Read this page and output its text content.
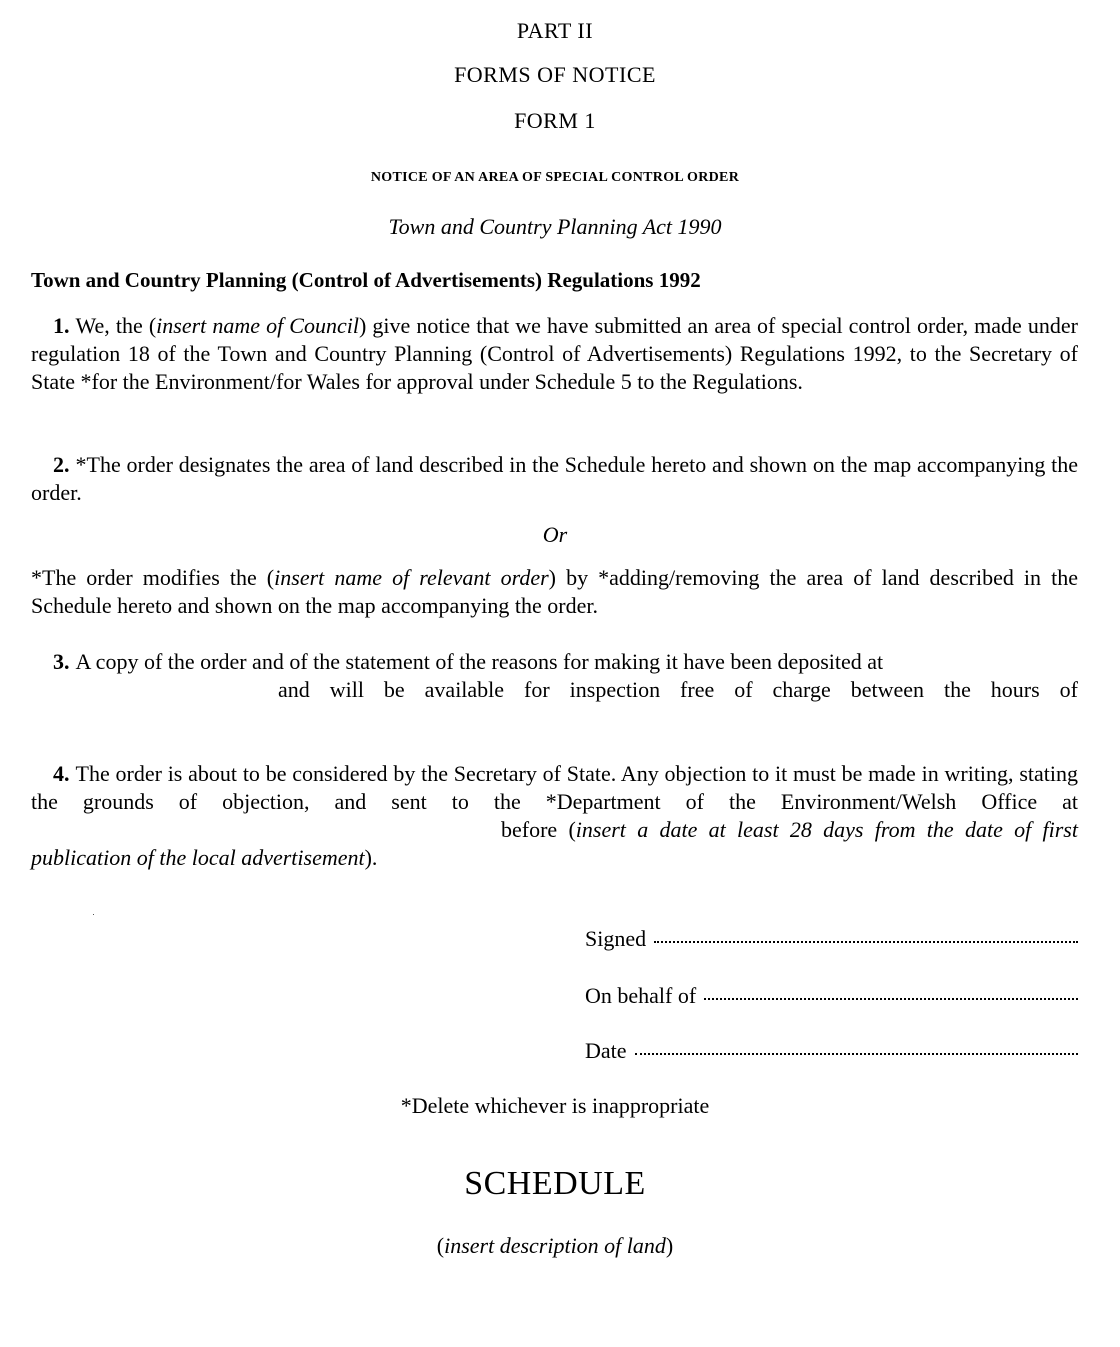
PART II
FORMS OF NOTICE
FORM 1
NOTICE OF AN AREA OF SPECIAL CONTROL ORDER
Town and Country Planning Act 1990
Town and Country Planning (Control of Advertisements) Regulations 1992
1. We, the (insert name of Council) give notice that we have submitted an area of special control order, made under regulation 18 of the Town and Country Planning (Control of Advertisements) Regulations 1992, to the Secretary of State *for the Environment/for Wales for approval under Schedule 5 to the Regulations.
2. *The order designates the area of land described in the Schedule hereto and shown on the map accompanying the order.
Or
*The order modifies the (insert name of relevant order) by *adding/removing the area of land described in the Schedule hereto and shown on the map accompanying the order.
3. A copy of the order and of the statement of the reasons for making it have been deposited at
and will be available for inspection free of charge between the hours of
4. The order is about to be considered by the Secretary of State. Any objection to it must be made in writing, stating the grounds of objection, and sent to the *Department of the Environment/Welsh Office atbefore (insert a date at least 28 days from the date of first publication of the local advertisement).
Signed
On behalf of
Date
*Delete whichever is inappropriate
SCHEDULE
(insert description of land)
